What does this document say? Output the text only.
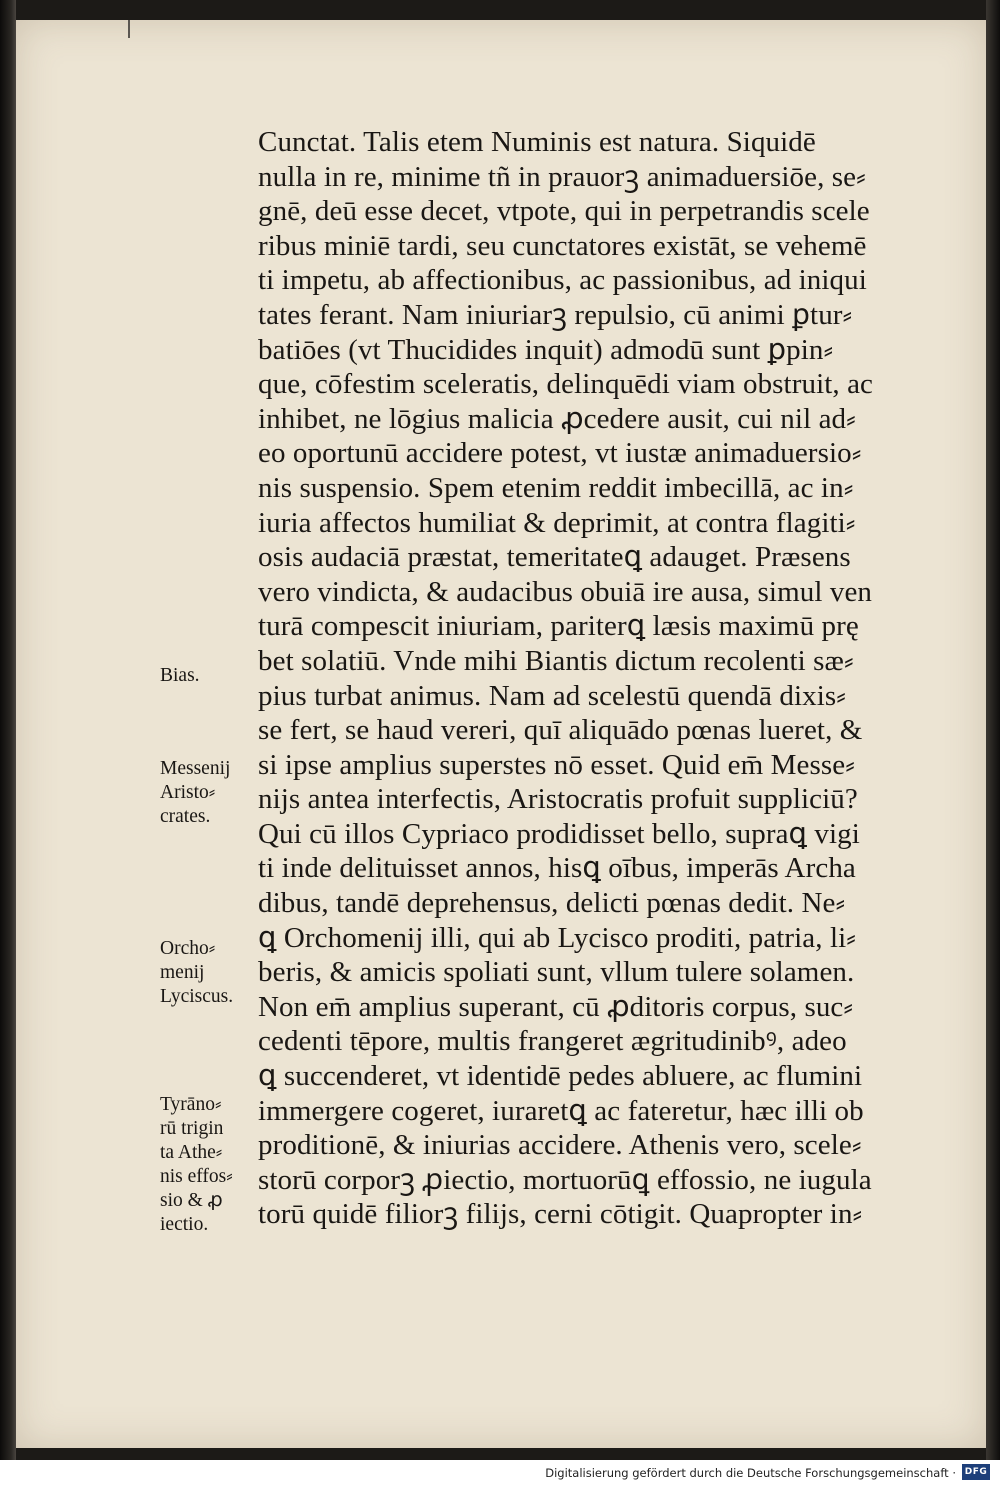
Cunctat. Talis etem Numinis est natura. Siquidē
nulla in re, minime tñ in prauorꝫ animaduersiōe, se⸗
gnē, deū esse decet, vtpote, qui in perpetrandis scele
ribus miniē tardi, seu cunctatores existāt, se vehemē
ti impetu, ab affectionibus, ac passionibus, ad iniqui
tates ferant. Nam iniuriarꝫ repulsio, cū animi ꝑtur⸗
batiōes (vt Thucidides inquit) admodū sunt ꝑpin⸗
que, cōfestim sceleratis, delinquēdi viam obstruit, ac
inhibet, ne lōgius malicia ꝓcedere ausit, cui nil ad⸗
eo oportunū accidere potest, vt iustæ animaduersio⸗
nis suspensio. Spem etenim reddit imbecillā, ac in⸗
iuria affectos humiliat & deprimit, at contra flagiti⸗
osis audaciā præstat, temeritateꝗ adauget. Præsens
vero vindicta, & audacibus obuiā ire ausa, simul ven
turā compescit iniuriam, pariterꝗ læsis maximū prę
bet solatiū. Vnde mihi Biantis dictum recolenti sæ⸗
pius turbat animus. Nam ad scelestū quendā dixis⸗
se fert, se haud vereri, quī aliquādo pœnas lueret, &
si ipse amplius superstes nō esset. Quid em̄ Messe⸗
nijs antea interfectis, Aristocratis profuit suppliciū?
Qui cū illos Cypriaco prodidisset bello, supraꝗ vigi
ti inde delituisset annos, hisꝗ oībus, imperās Archa
dibus, tandē deprehensus, delicti pœnas dedit. Ne⸗
ꝗ Orchomenij illi, qui ab Lycisco proditi, patria, li⸗
beris, & amicis spoliati sunt, vllum tulere solamen.
Non em̄ amplius superant, cū ꝓditoris corpus, suc⸗
cedenti tēpore, multis frangeret ægritudinibꝰ, adeo
ꝗ succenderet, vt identidē pedes abluere, ac flumini
immergere cogeret, iuraretꝗ ac fateretur, hæc illi ob
proditionē, & iniurias accidere. Athenis vero, scele⸗
storū corporꝫ ꝓiectio, mortuorūꝗ effossio, ne iugula
torū quidē filiorꝫ filijs, cerni cōtigit. Quapropter in⸗
Bias.
Messenij
Aristo⸗
crates.
Orcho⸗
menij
Lyciscus.
Tyrāno⸗
rū trigin
ta Athe⸗
nis effos⸗
sio & ꝓ
iectio.
Digitalisierung gefördert durch die Deutsche Forschungsgemeinschaft · DFG
